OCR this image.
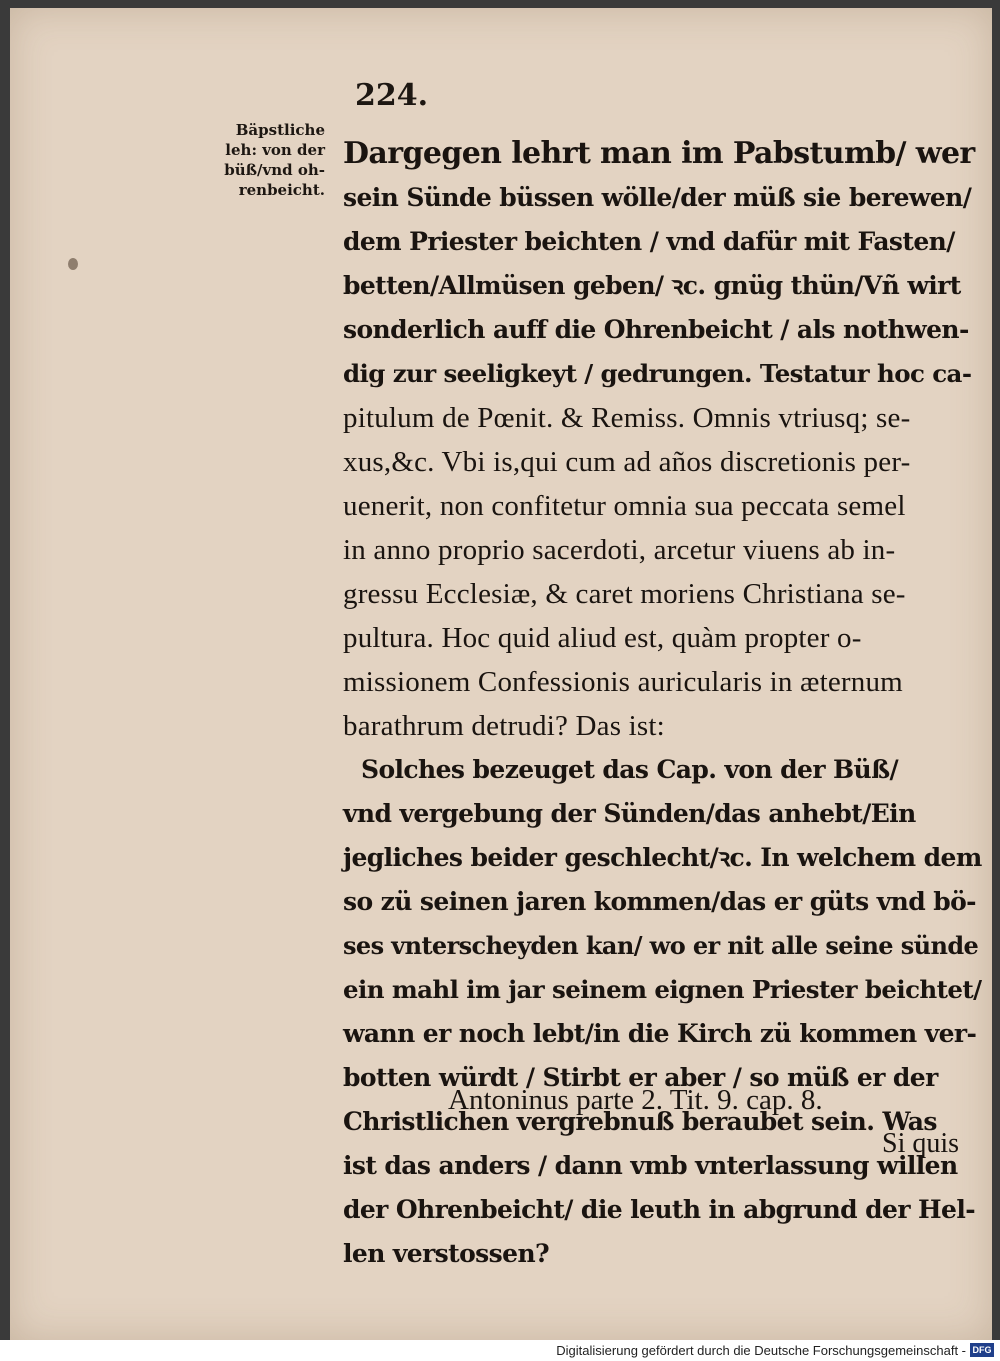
224.
Bäpstliche
leh: von der
büß/vnd oh-
renbeicht.
Dargegen lehrt man im Pabstumb/ wer
sein Sünde büssen wölle/der müß sie berewen/
dem Priester beichten / vnd dafür mit Fasten/
betten/Allmüsen geben/ ꝛc. gnüg thün/Vñ wirt
sonderlich auff die Ohrenbeicht / als nothwen-
dig zur seeligkeyt / gedrungen. Testatur hoc ca-
pitulum de Pœnit. & Remiss. Omnis vtriusq; se-
xus,&c. Vbi is,qui cum ad años discretionis per-
uenerit, non confitetur omnia sua peccata semel
in anno proprio sacerdoti, arcetur viuens ab in-
gressu Ecclesiæ, & caret moriens Christiana se-
pultura. Hoc quid aliud est, quàm propter o-
missionem Confessionis auricularis in æternum
barathrum detrudi? Das ist:
Solches bezeuget das Cap. von der Büß/
vnd vergebung der Sünden/das anhebt/Ein
jegliches beider geschlecht/ꝛc. In welchem dem
so zü seinen jaren kommen/das er güts vnd bö-
ses vnterscheyden kan/ wo er nit alle seine sünde
ein mahl im jar seinem eignen Priester beichtet/
wann er noch lebt/in die Kirch zü kommen ver-
botten würdt / Stirbt er aber / so müß er der
Christlichen vergrebnuß beraubet sein. Was
ist das anders / dann vmb vnterlassung willen
der Ohrenbeicht/ die leuth in abgrund der Hel-
len verstossen?
Antoninus parte 2. Tit. 9. cap. 8.
Si quis
Digitalisierung gefördert durch die Deutsche Forschungsgemeinschaft - DFG
